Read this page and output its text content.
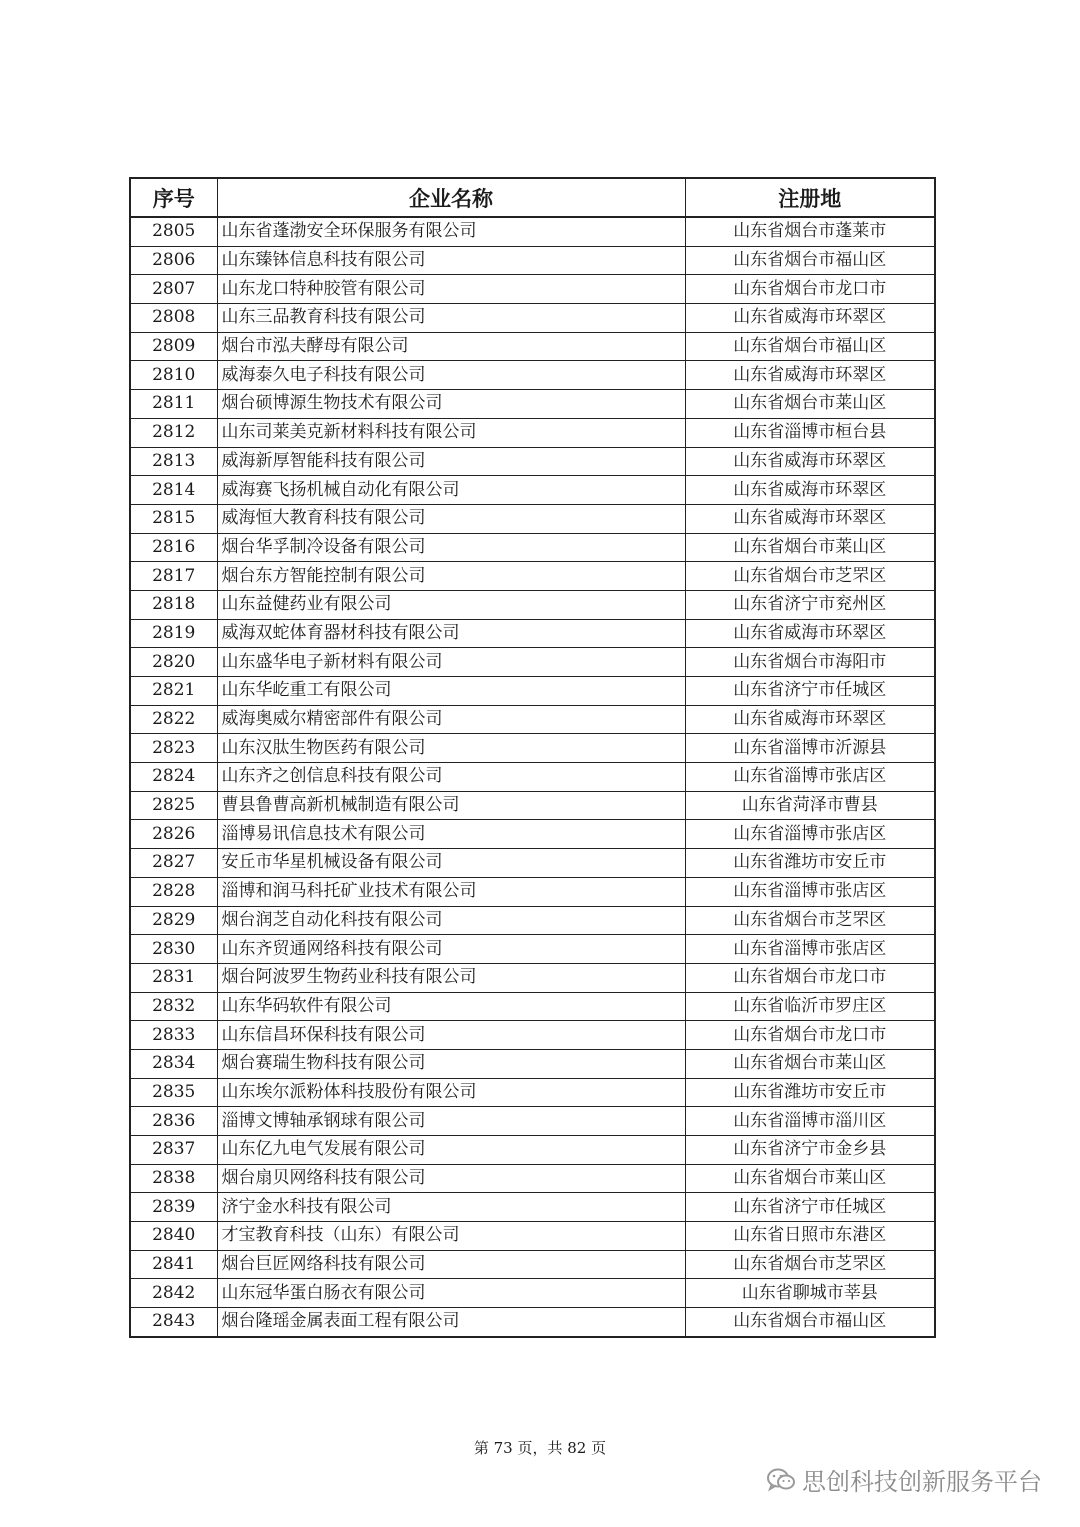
序号	企业名称	注册地
2805	山东省蓬渤安全环保服务有限公司	山东省烟台市蓬莱市
2806	山东臻钵信息科技有限公司	山东省烟台市福山区
2807	山东龙口特种胶管有限公司	山东省烟台市龙口市
2808	山东三品教育科技有限公司	山东省威海市环翠区
2809	烟台市泓夫酵母有限公司	山东省烟台市福山区
2810	威海泰久电子科技有限公司	山东省威海市环翠区
2811	烟台硕博源生物技术有限公司	山东省烟台市莱山区
2812	山东司莱美克新材料科技有限公司	山东省淄博市桓台县
2813	威海新厚智能科技有限公司	山东省威海市环翠区
2814	威海赛飞扬机械自动化有限公司	山东省威海市环翠区
2815	威海恒大教育科技有限公司	山东省威海市环翠区
2816	烟台华孚制冷设备有限公司	山东省烟台市莱山区
2817	烟台东方智能控制有限公司	山东省烟台市芝罘区
2818	山东益健药业有限公司	山东省济宁市兖州区
2819	威海双蛇体育器材科技有限公司	山东省威海市环翠区
2820	山东盛华电子新材料有限公司	山东省烟台市海阳市
2821	山东华屹重工有限公司	山东省济宁市任城区
2822	威海奥威尔精密部件有限公司	山东省威海市环翠区
2823	山东汉肽生物医药有限公司	山东省淄博市沂源县
2824	山东齐之创信息科技有限公司	山东省淄博市张店区
2825	曹县鲁曹高新机械制造有限公司	山东省菏泽市曹县
2826	淄博易讯信息技术有限公司	山东省淄博市张店区
2827	安丘市华星机械设备有限公司	山东省潍坊市安丘市
2828	淄博和润马科托矿业技术有限公司	山东省淄博市张店区
2829	烟台润芝自动化科技有限公司	山东省烟台市芝罘区
2830	山东齐贸通网络科技有限公司	山东省淄博市张店区
2831	烟台阿波罗生物药业科技有限公司	山东省烟台市龙口市
2832	山东华码软件有限公司	山东省临沂市罗庄区
2833	山东信昌环保科技有限公司	山东省烟台市龙口市
2834	烟台赛瑞生物科技有限公司	山东省烟台市莱山区
2835	山东埃尔派粉体科技股份有限公司	山东省潍坊市安丘市
2836	淄博文博轴承钢球有限公司	山东省淄博市淄川区
2837	山东亿九电气发展有限公司	山东省济宁市金乡县
2838	烟台扇贝网络科技有限公司	山东省烟台市莱山区
2839	济宁金水科技有限公司	山东省济宁市任城区
2840	才宝教育科技（山东）有限公司	山东省日照市东港区
2841	烟台巨匠网络科技有限公司	山东省烟台市芝罘区
2842	山东冠华蛋白肠衣有限公司	山东省聊城市莘县
2843	烟台隆瑶金属表面工程有限公司	山东省烟台市福山区
第 73 页，共 82 页
思创科技创新服务平台
